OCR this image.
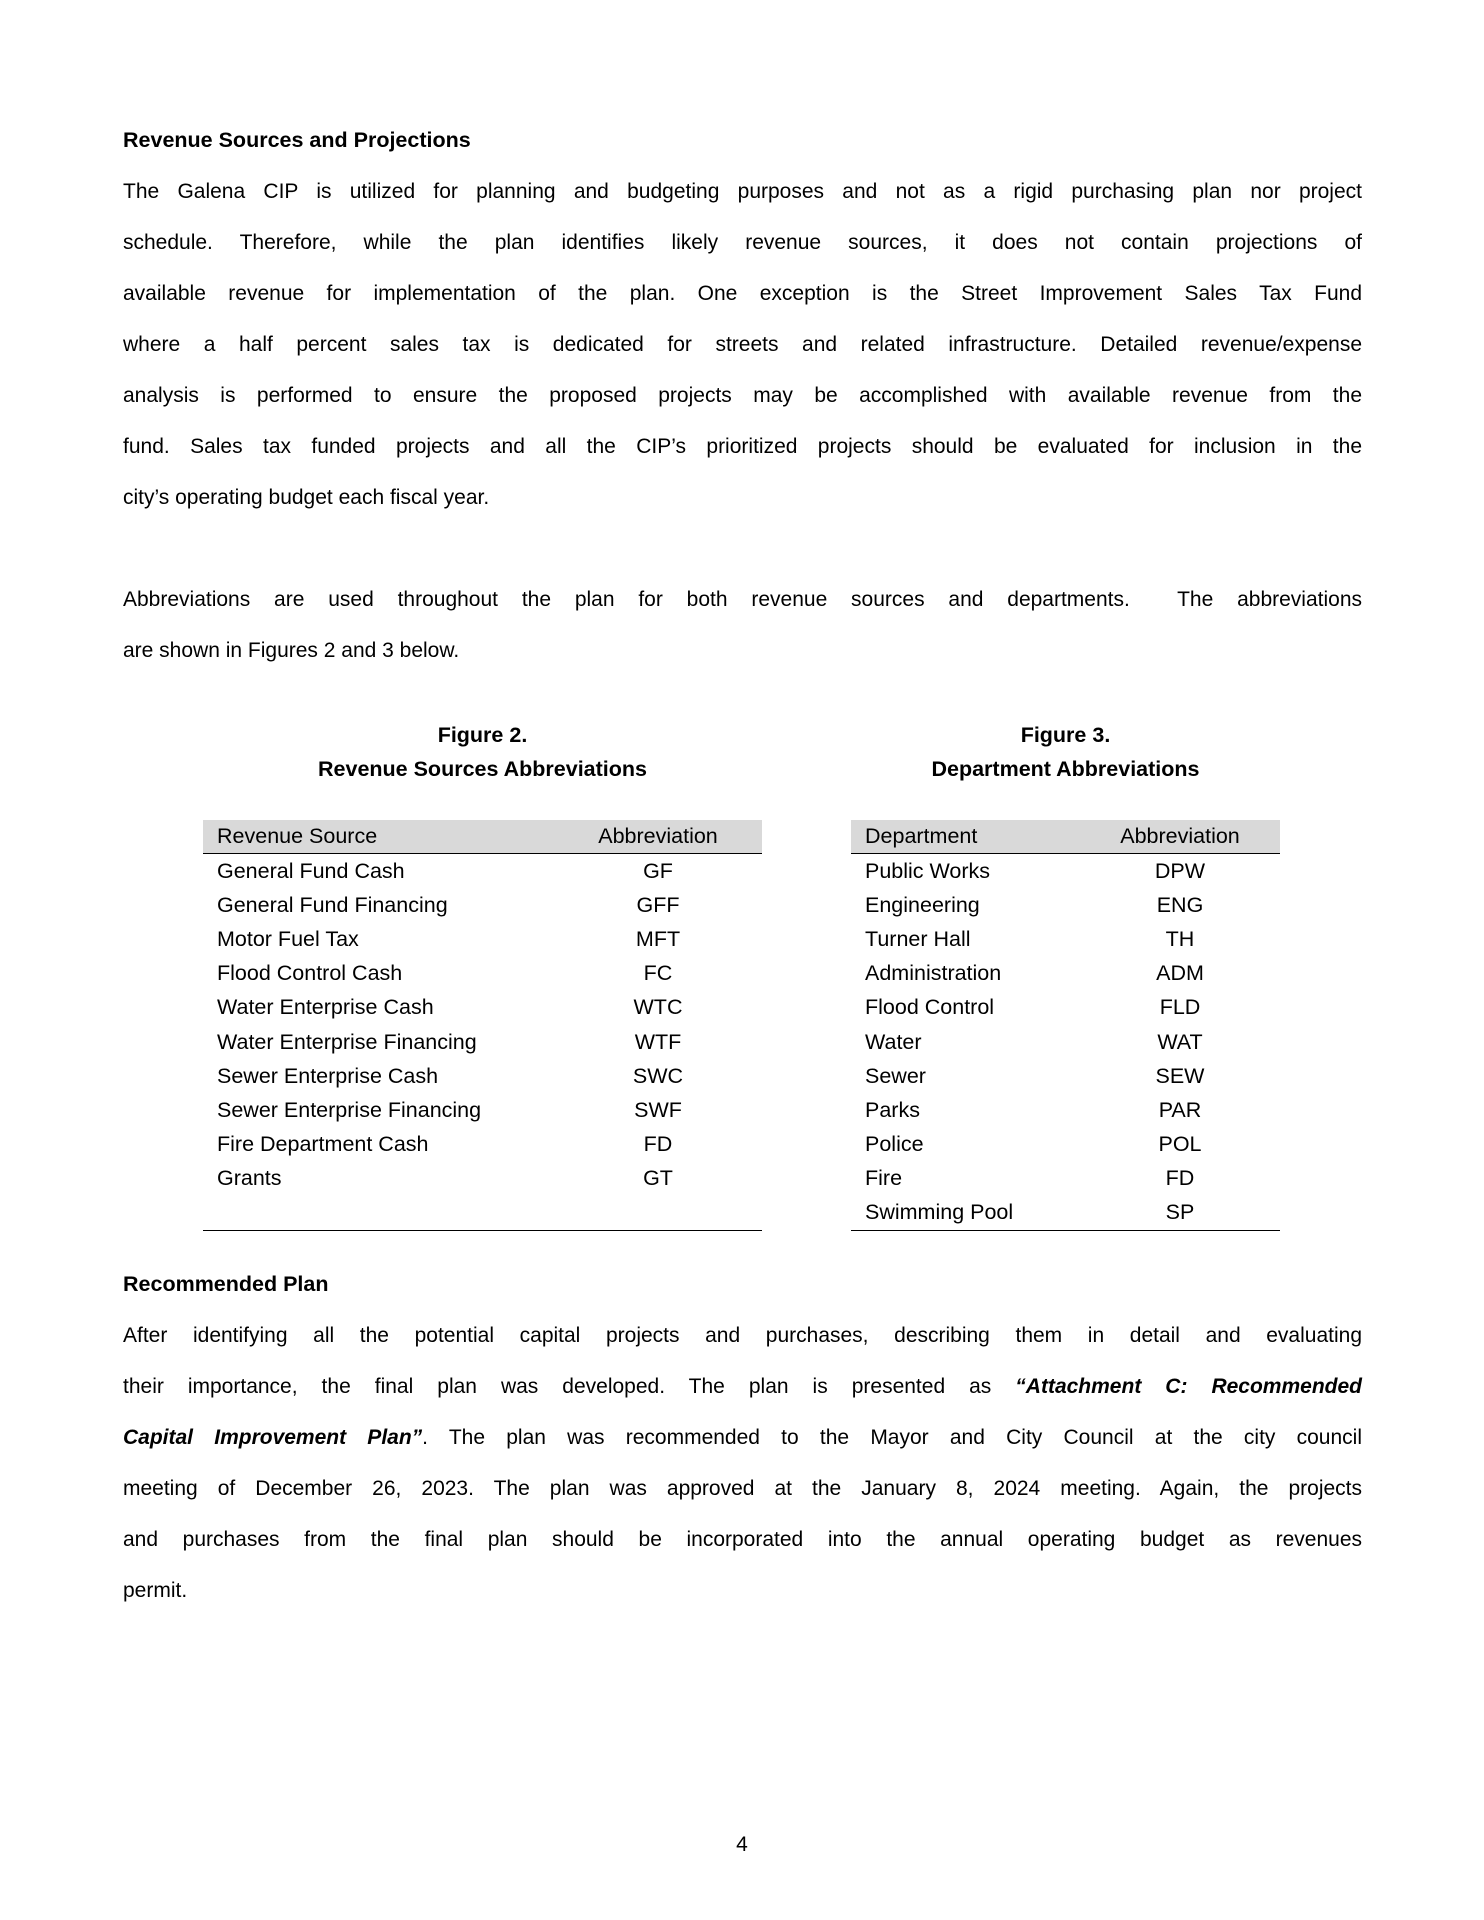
Revenue Sources and Projections
The Galena CIP is utilized for planning and budgeting purposes and not as a rigid purchasing plan nor project
schedule. Therefore, while the plan identifies likely revenue sources, it does not contain projections of
available revenue for implementation of the plan. One exception is the Street Improvement Sales Tax Fund
where a half percent sales tax is dedicated for streets and related infrastructure. Detailed revenue/expense
analysis is performed to ensure the proposed projects may be accomplished with available revenue from the
fund. Sales tax funded projects and all the CIP’s prioritized projects should be evaluated for inclusion in the
city’s operating budget each fiscal year.
Abbreviations are used throughout the plan for both revenue sources and departments.  The abbreviations
are shown in Figures 2 and 3 below.
Figure 2.
Revenue Sources Abbreviations
Figure 3.
Department Abbreviations
Revenue Source	Abbreviation
General Fund Cash	GF
General Fund Financing	GFF
Motor Fuel Tax	MFT
Flood Control Cash	FC
Water Enterprise Cash	WTC
Water Enterprise Financing	WTF
Sewer Enterprise Cash	SWC
Sewer Enterprise Financing	SWF
Fire Department Cash	FD
Grants	GT
Department	Abbreviation
Public Works	DPW
Engineering	ENG
Turner Hall	TH
Administration	ADM
Flood Control	FLD
Water	WAT
Sewer	SEW
Parks	PAR
Police	POL
Fire	FD
Swimming Pool	SP
Recommended Plan
After identifying all the potential capital projects and purchases, describing them in detail and evaluating
their importance, the final plan was developed. The plan is presented as “Attachment C: Recommended
Capital Improvement Plan”. The plan was recommended to the Mayor and City Council at the city council
meeting of December 26, 2023. The plan was approved at the January 8, 2024 meeting. Again, the projects
and purchases from the final plan should be incorporated into the annual operating budget as revenues
permit.
4
